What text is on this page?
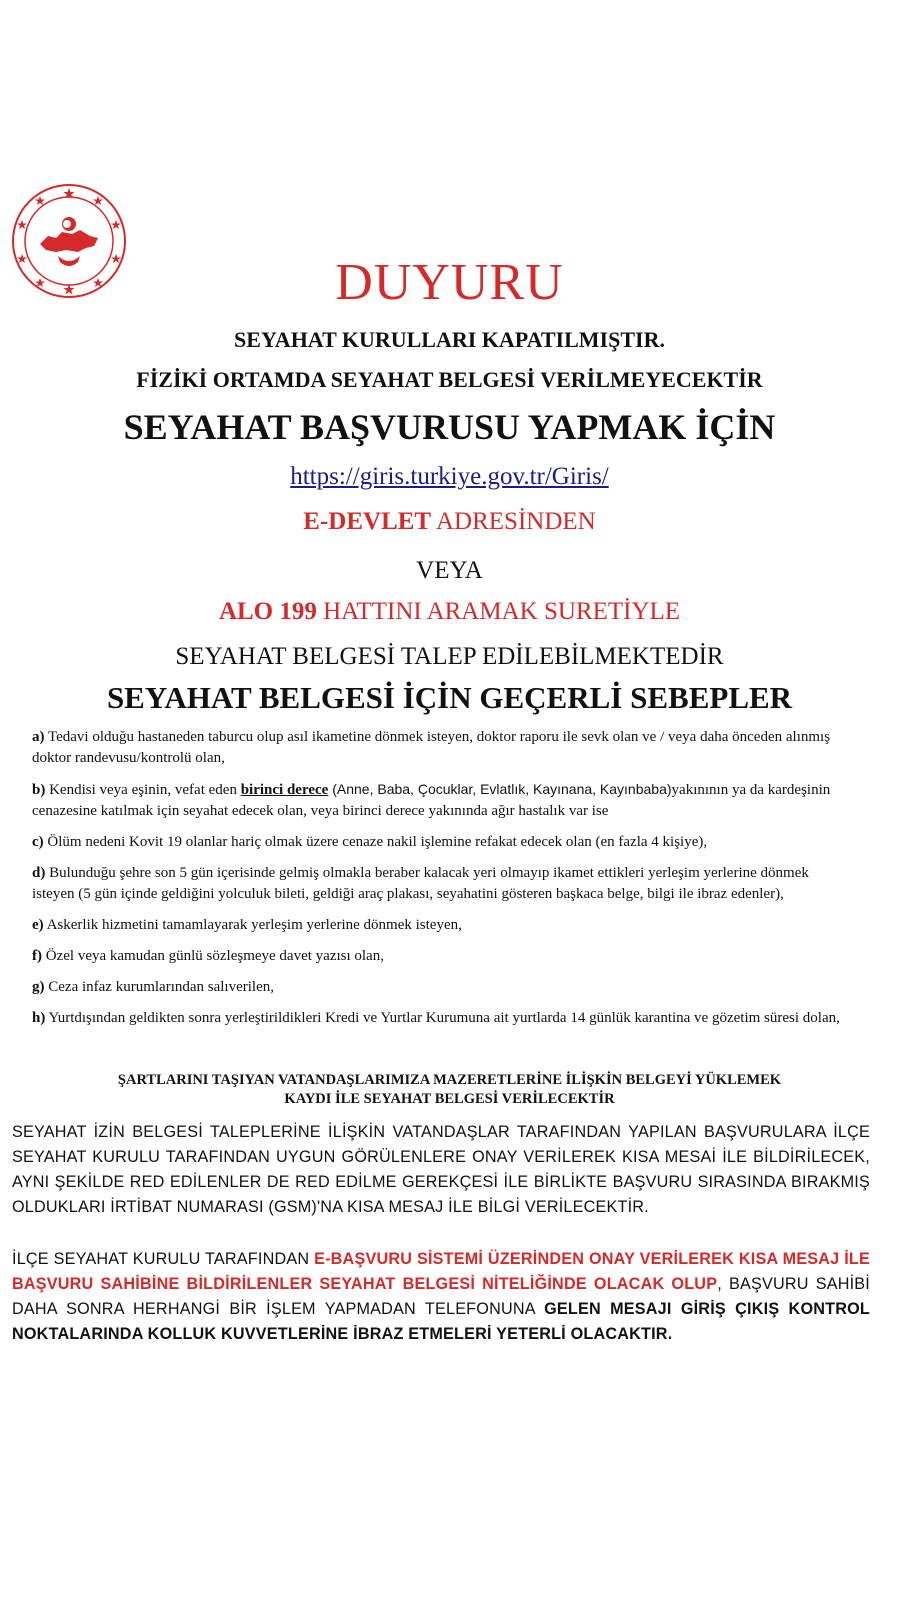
DUYURU
SEYAHAT KURULLARI KAPATILMIŞTIR.
FİZİKİ ORTAMDA SEYAHAT BELGESİ VERİLMEYECEKTİR
SEYAHAT BAŞVURUSU YAPMAK İÇİN
https://giris.turkiye.gov.tr/Giris/
E-DEVLET ADRESİNDEN
VEYA
ALO 199 HATTINI ARAMAK SURETİYLE
SEYAHAT BELGESİ TALEP EDİLEBİLMEKTEDİR
SEYAHAT BELGESİ İÇİN GEÇERLİ SEBEPLER
a) Tedavi olduğu hastaneden taburcu olup asıl ikametine dönmek isteyen, doktor raporu ile sevk olan ve / veya daha önceden alınmış doktor randevusu/kontrolü olan,
b) Kendisi veya eşinin, vefat eden birinci derece (Anne, Baba, Çocuklar, Evlatlık, Kayınana, Kayınbaba)yakınının ya da kardeşinin cenazesine katılmak için seyahat edecek olan, veya birinci derece yakınında ağır hastalık var ise
c) Ölüm nedeni Kovit 19 olanlar hariç olmak üzere cenaze nakil işlemine refakat edecek olan (en fazla 4 kişiye),
d) Bulunduğu şehre son 5 gün içerisinde gelmiş olmakla beraber kalacak yeri olmayıp ikamet ettikleri yerleşim yerlerine dönmek isteyen (5 gün içinde geldiğini yolculuk bileti, geldiği araç plakası, seyahatini gösteren başkaca belge, bilgi ile ibraz edenler),
e) Askerlik hizmetini tamamlayarak yerleşim yerlerine dönmek isteyen,
f) Özel veya kamudan günlü sözleşmeye davet yazısı olan,
g) Ceza infaz kurumlarından salıverilen,
h) Yurtdışından geldikten sonra yerleştirildikleri Kredi ve Yurtlar Kurumuna ait yurtlarda 14 günlük karantina ve gözetim süresi dolan,
ŞARTLARINI TAŞIYAN VATANDAŞLARIMIZA MAZERETLERİNE İLİŞKİN BELGEYİ YÜKLEMEK
KAYDI İLE SEYAHAT BELGESİ VERİLECEKTİR
SEYAHAT İZİN BELGESİ TALEPLERİNE İLİŞKİN VATANDAŞLAR TARAFINDAN YAPILAN BAŞVURULARA İLÇE SEYAHAT KURULU TARAFINDAN UYGUN GÖRÜLENLERE ONAY VERİLEREK KISA MESAİ İLE BİLDİRİLECEK, AYNI ŞEKİLDE RED EDİLENLER DE RED EDİLME GEREKÇESİ İLE BİRLİKTE BAŞVURU SIRASINDA BIRAKMIŞ OLDUKLARI İRTİBAT NUMARASI (GSM)'NA KISA MESAJ İLE BİLGİ VERİLECEKTİR.
İLÇE SEYAHAT KURULU TARAFINDAN E-BAŞVURU SİSTEMİ ÜZERİNDEN ONAY VERİLEREK KISA MESAJ İLE BAŞVURU SAHİBİNE BİLDİRİLENLER SEYAHAT BELGESİ NİTELİĞİNDE OLACAK OLUP, BAŞVURU SAHİBİ DAHA SONRA HERHANGİ BİR İŞLEM YAPMADAN TELEFONUNA GELEN MESAJI GİRİŞ ÇIKIŞ KONTROL NOKTALARINDA KOLLUK KUVVETLERİNE İBRAZ ETMELERİ YETERLİ OLACAKTIR.
